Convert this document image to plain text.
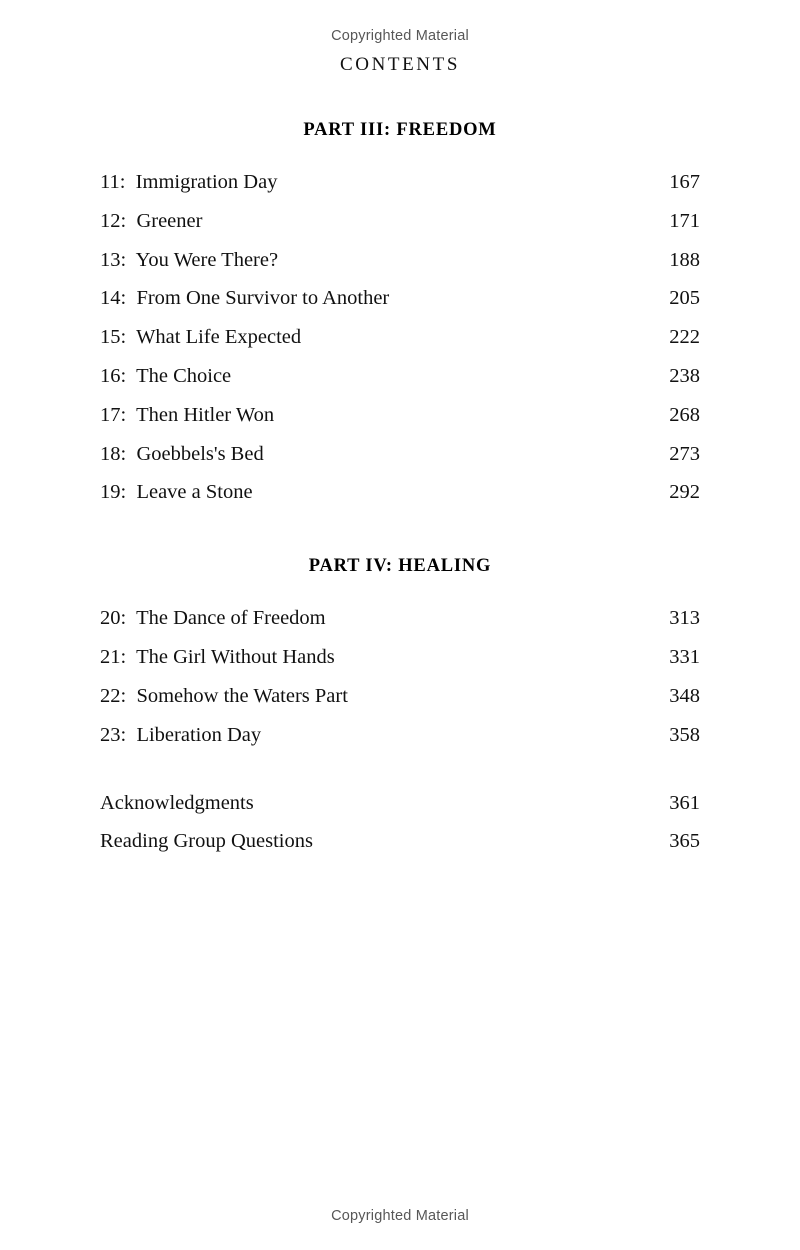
Copyrighted Material
CONTENTS
PART III: FREEDOM
11:  Immigration Day	167
12:  Greener	171
13:  You Were There?	188
14:  From One Survivor to Another	205
15:  What Life Expected	222
16:  The Choice	238
17:  Then Hitler Won	268
18:  Goebbels's Bed	273
19:  Leave a Stone	292
PART IV: HEALING
20:  The Dance of Freedom	313
21:  The Girl Without Hands	331
22:  Somehow the Waters Part	348
23:  Liberation Day	358
Acknowledgments	361
Reading Group Questions	365
Copyrighted Material
